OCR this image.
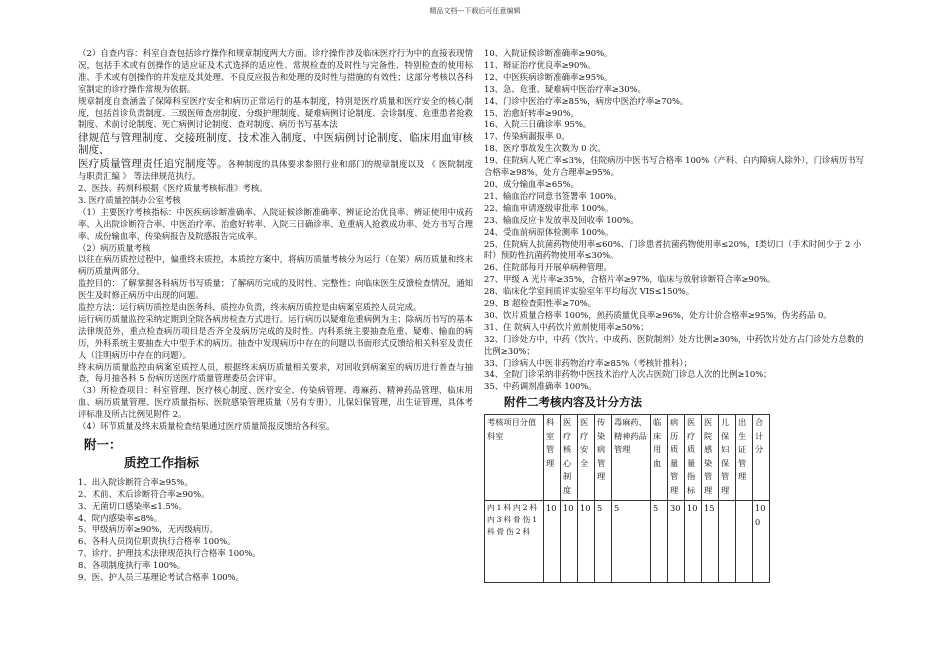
精品文档---下载后可任意编辑

（2）自查内容：科室自查包括诊疗操作和规章制度两大方面。诊疗操作涉及临床医疗行为中的直接表现情况，包括手术或有创操作的适应证及术式选择的适应性、常规检查的及时性与完备性、特别检查的使用标准、手术或有创操作的并发症及其处理、不良反应报告和处理的及时性与措施的有效性；这部分考核以各科室制定的诊疗操作常规为依据。

规章制度自查涵盖了保障科室医疗安全和病历正常运行的基本制度，特别是医疗质量和医疗安全的核心制度，包括首诊负责制度、三级医师查房制度、分级护理制度、疑难病例讨论制度、会诊制度、危重患者抢救制度、术前讨论制度、死亡病例讨论制度、查对制度、病历书写基本法

律规范与管理制度、交接班制度、技术准入制度、中医病例讨论制度、临床用血审核制度、

医疗质量管理责任追究制度等。各种制度的具体要求参照行业和部门的规章制度以及 《 医院制度与职责汇编 》 等法律规范执行。

2、医技、药剂科根据《医疗质量考核标准》考核。

3. 医疗质量控制办公室考核

（1）主要医疗考核指标：中医疾病诊断准确率、入院证候诊断准确率、辨证论治优良率、辨证使用中成药率、入出院诊断符合率、中医治疗率、治愈好转率、入院三日确诊率、危重病人抢救成功率、处方书写合理率、成份输血率、传染病报告及院感报告完成率。

（2）病历质量考核

以往在病历质控过程中，偏重终末质控，本质控方案中，将病历质量考核分为运行（在架）病历质量和终末病历质量两部分。

监控目的：了解掌握各科病历书写质量；了解病历完成的及时性、完整性；向临床医生反馈检查情况，通知医生及时修正病历中出现的问题。

监控方法：运行病历质控是由医务科、质控办负责，终末病历质控是由病案室质控人员完成。

运行病历质量监控采纳定期到全院各病房检查方式进行。运行病历以疑难危重病例为主；除病历书写的基本法律规范外，重点检查病历项目是否齐全及病历完成的及时性。内科系统主要抽查危重、疑难、输血的病历，外科系统主要抽查大中型手术的病历。抽查中发现病历中存在的问题以书面形式反馈给相关科室及责任人（注明病历中存在的问题）。

终末病历质量监控由病案室质控人员，根据终末病历质量相关要求，对回收到病案室的病历进行普查与抽查，每月抽各科 5 份病历送医疗质量管理委员会评审。

（3）所检查项目：科室管理、医疗核心制度、医疗安全、传染病管理、毒麻药、精神药品管理、临床用血、病历质量管理、医疗质量指标、医院感染管理质量（另有专册），儿保妇保管理，出生证管理，具体考评标准及所占比例见附件 2。

（4）环节质量及终末质量检查结果通过医疗质量简报反馈给各科室。

附一：
质控工作指标

1、出入院诊断符合率≥95%。

2、术前、术后诊断符合率≥90%。

3、无菌切口感染率≤1.5%。

4、院内感染率≤8%。

5、甲级病历率≥90%，无丙级病历。

6、各科人员岗位职责执行合格率 100%。

7、诊疗、护理技术法律规范执行合格率 100%。

8、各项制度执行率 100%。

9、医、护人员三基理论考试合格率 100%。

10、入院证候诊断准确率≥90%。

11、辩证治疗优良率≥90%。

12、中医疾病诊断准确率≥95%。

13、急、危重、疑难病中医治疗率≥30%。

14、门诊中医治疗率≥85%，病房中医治疗率≥70%。

15、治愈好转率≥90%。

16、入院三日确诊率 95%。

17、传染病漏报率 0。

18、医疗事故发生次数为 0 次。

19、住院病人死亡率≤3%，住院病历中医书写合格率 100%（产科、白内障病人除外），门诊病历书写合格率≥98%，处方合理率≥95%。

20、成分输血率≥65%。

21、输血治疗同意书签署率 100%。

22、输血申请逐级审批率 100%。

23、输血反应卡发放率及回收率 100%。

24、受血前病原体检测率 100%。

25、住院病人抗菌药物使用率≤60%、门诊患者抗菌药物使用率≤20%，Ⅰ类切口（手术时间少于 2 小时）预防性抗菌药物使用率≤30%。

26、住院部每月开展单病种管理。

27、甲级 A 光片率≥35%，合格片率≥97%，临床与放射诊断符合率≥90%。

28、临床化学室间质评实验室年平均每次 VIS≤150%。

29、B 超检查阳性率≥70%。

30、饮片质量合格率 100%，煎药质量优良率≥96%，处方计价合格率≥95%，伪劣药品 0。

31、住 院病人中药饮片煎剂使用率≥50%；

32、门诊处方中，中药（饮片、中成药、医院制剂）处方比例≥30%，中药饮片处方占门诊处方总数的比例≥30%；

33、门诊病人中医非药物治疗率≥85%（考核针推科）；

34、全院门诊采纳非药物中医技术治疗人次占医院门诊总人次的比例≥10%；

35、中药调剂准确率 100%。

附件二考核内容及计分方法
考核项目分值科室	科室管理	医疗核心制度	医疗安全	传染病管理	毒麻药、精神药品管理	临床用血	病历质量管理	医疗质量指标	医院感染管理	儿保妇保管理	出生证管理	合计分
内1科内2科内3科骨伤1科骨伤2科	10	10	10	5	5	5	30	10	15			100
